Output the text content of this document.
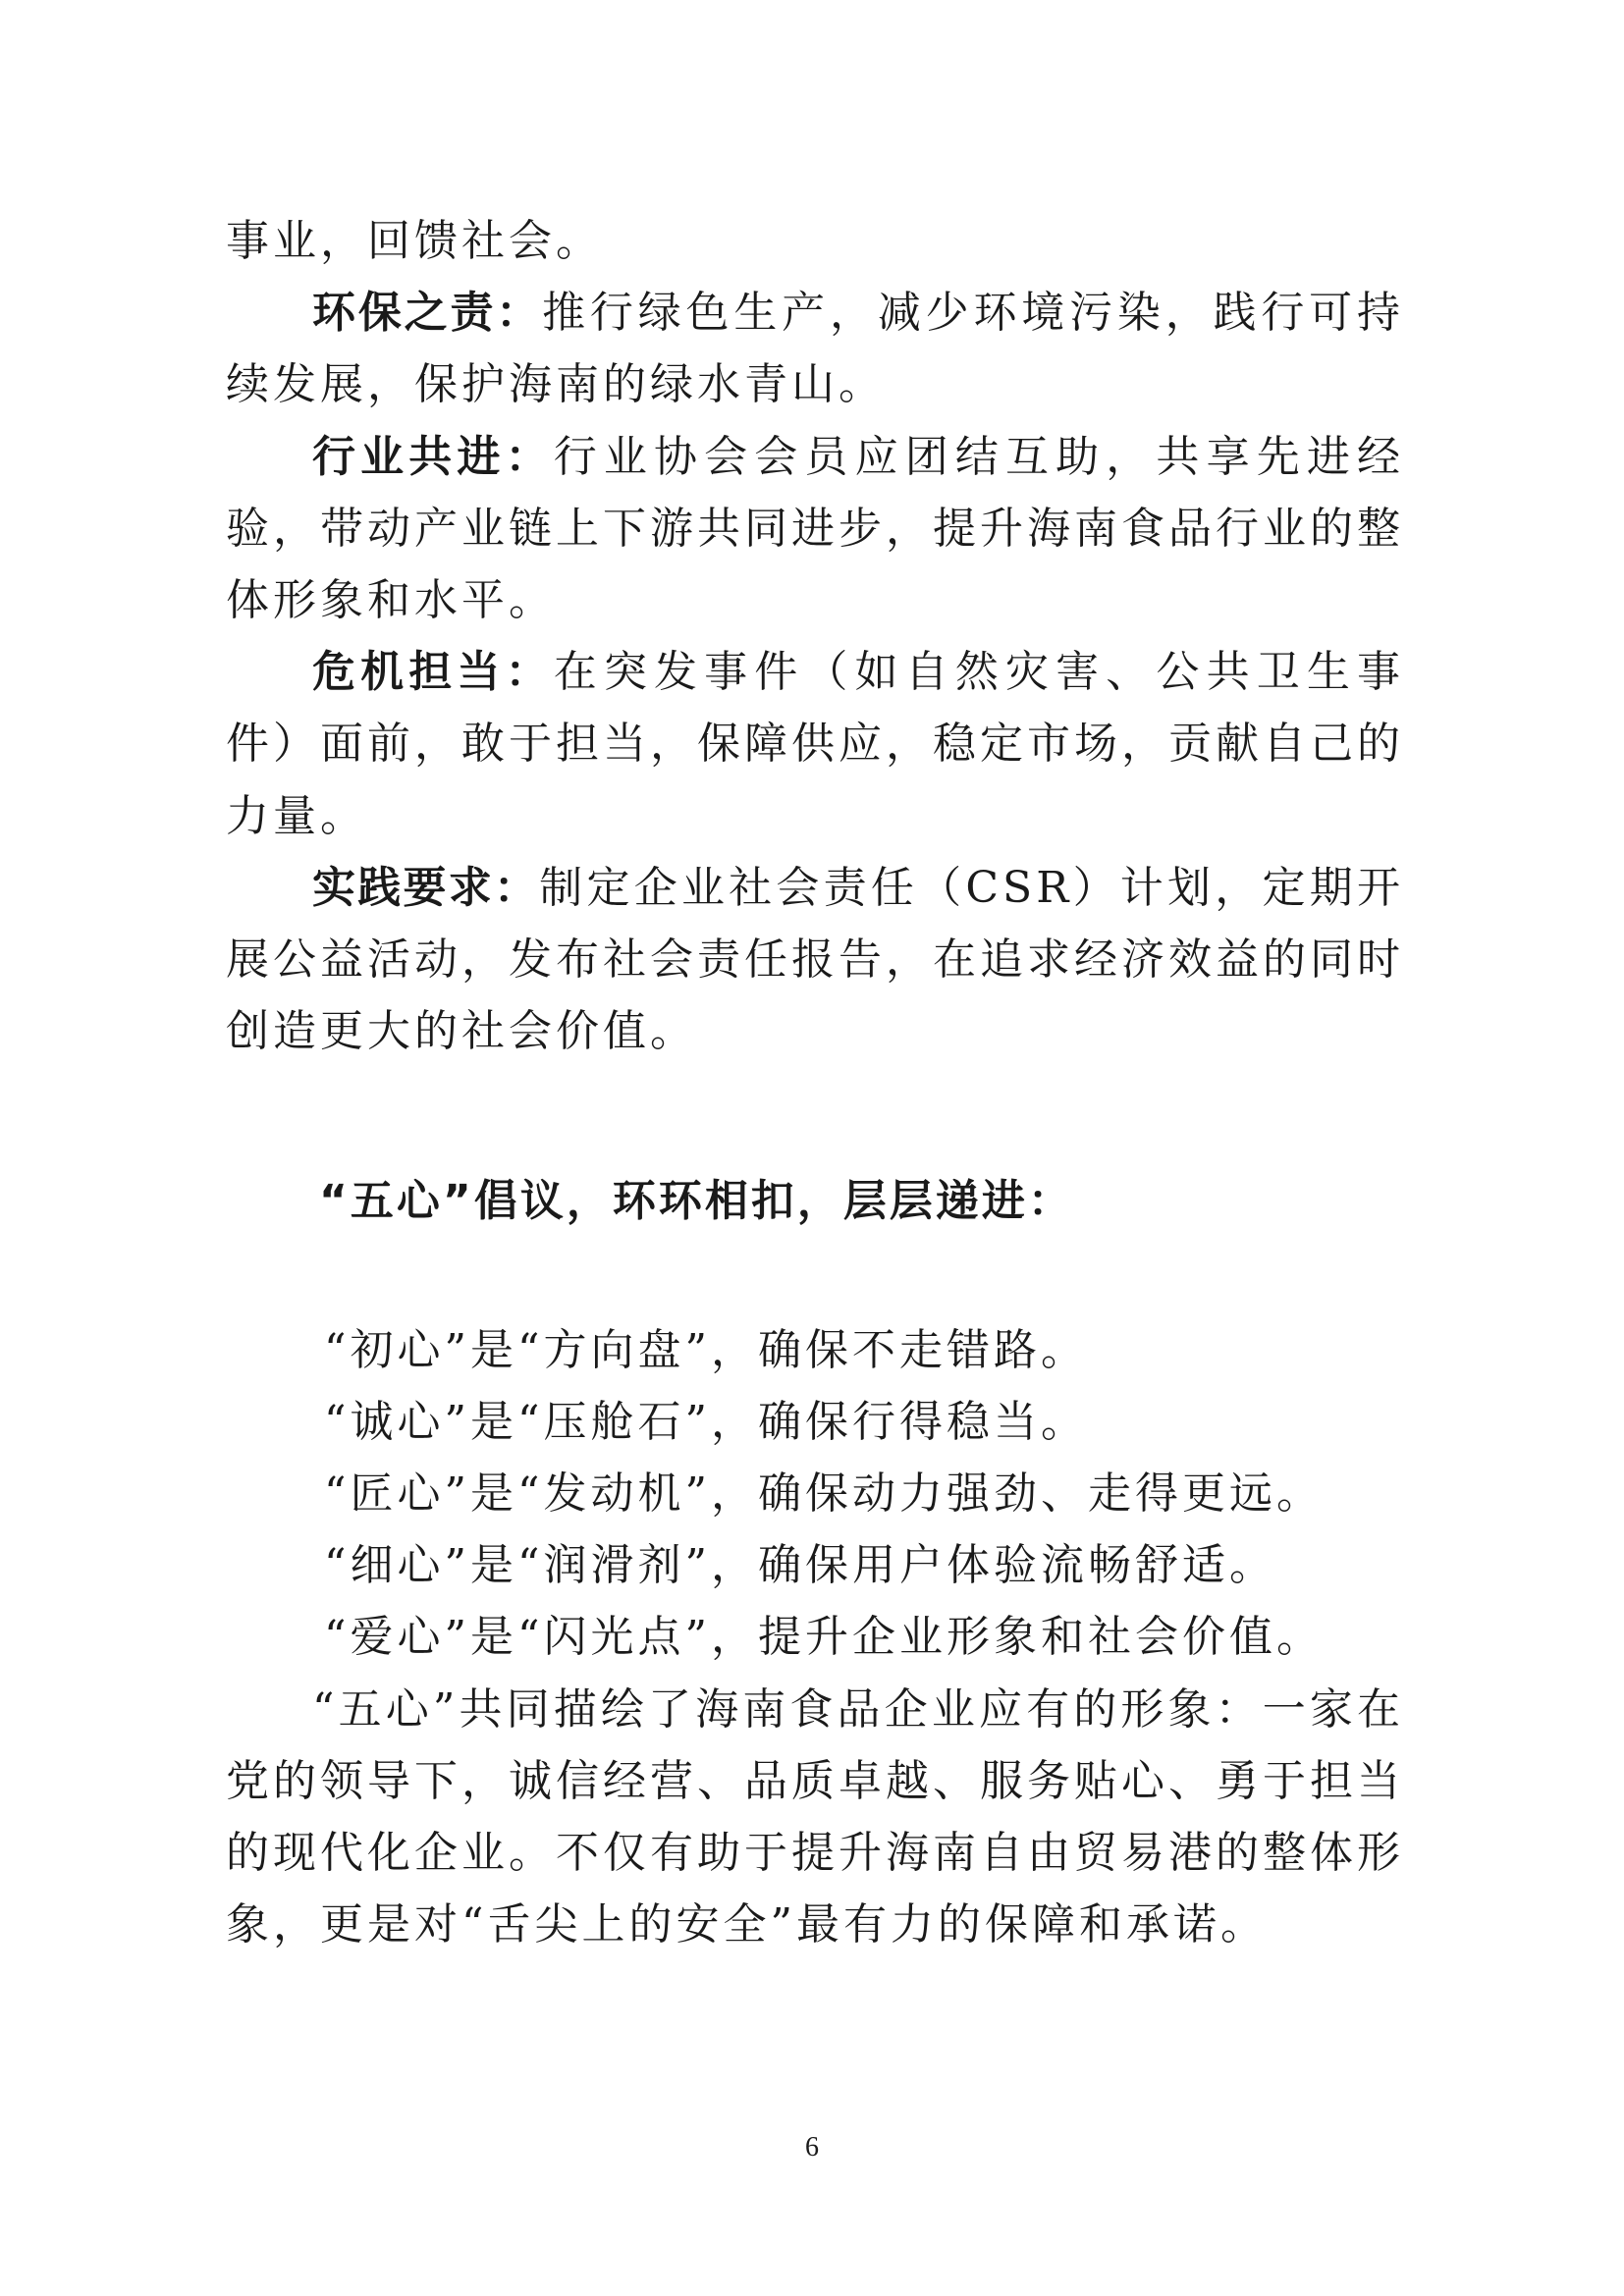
事业，回馈社会。

环保之责：推行绿色生产，减少环境污染，践行可持续发展，保护海南的绿水青山。

行业共进：行业协会会员应团结互助，共享先进经验，带动产业链上下游共同进步，提升海南食品行业的整体形象和水平。

危机担当：在突发事件（如自然灾害、公共卫生事件）面前，敢于担当，保障供应，稳定市场，贡献自己的力量。

实践要求：制定企业社会责任（CSR）计划，定期开展公益活动，发布社会责任报告，在追求经济效益的同时创造更大的社会价值。

“五心”倡议，环环相扣，层层递进：

“初心”是“方向盘”，确保不走错路。

“诚心”是“压舱石”，确保行得稳当。

“匠心”是“发动机”，确保动力强劲、走得更远。

“细心”是“润滑剂”，确保用户体验流畅舒适。

“爱心”是“闪光点”，提升企业形象和社会价值。

“五心”共同描绘了海南食品企业应有的形象：一家在党的领导下，诚信经营、品质卓越、服务贴心、勇于担当的现代化企业。不仅有助于提升海南自由贸易港的整体形象，更是对“舌尖上的安全”最有力的保障和承诺。

6
